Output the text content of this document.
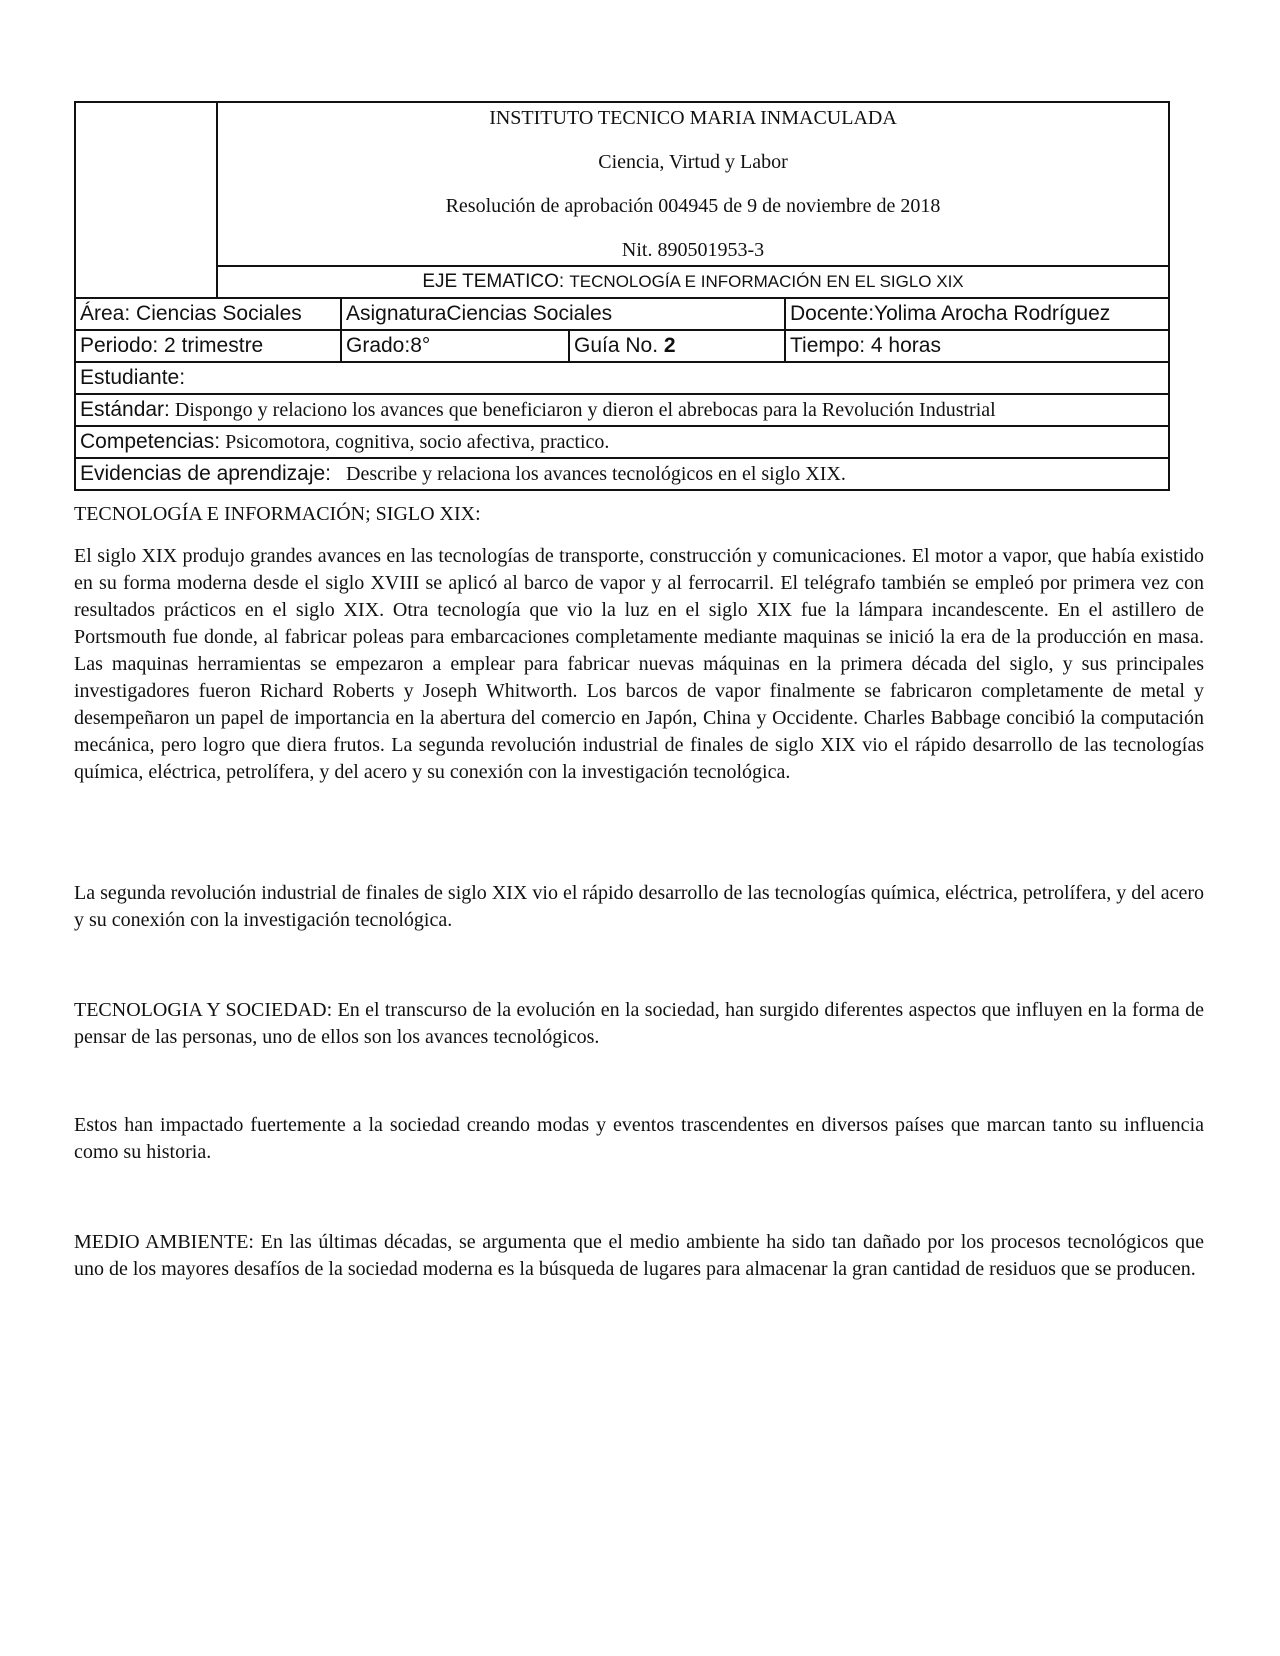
	INSTITUTO TECNICO MARIA INMACULADA
Ciencia, Virtud y Labor
Resolución de aprobación 004945 de 9 de noviembre de 2018
Nit. 890501953-3			

	EJE TEMATICO: TECNOLOGÍA E INFORMACIÓN EN EL SIGLO XIX			
Área: Ciencias Sociales		AsignaturaCiencias Sociales		Docente:Yolima Arocha Rodríguez
Periodo: 2 trimestre		Grado:8°	Guía No. 2	Tiempo: 4 horas
Estudiante:				
Estándar: Dispongo y relaciono los avances que beneficiaron y dieron el abrebocas para la Revolución Industrial				
Competencias: Psicomotora, cognitiva, socio afectiva, practico.				
Evidencias de aprendizaje:   Describe y relaciona los avances tecnológicos en el siglo XIX.				
TECNOLOGÍA E INFORMACIÓN; SIGLO XIX:

El siglo XIX produjo grandes avances en las tecnologías de transporte, construcción y comunicaciones. El motor a vapor, que había existido en su forma moderna desde el siglo XVIII se aplicó al barco de vapor y al ferrocarril. El telégrafo también se empleó por primera vez con resultados prácticos en el siglo XIX. Otra tecnología que vio la luz en el siglo XIX fue la lámpara incandescente. En el astillero de Portsmouth fue donde, al fabricar poleas para embarcaciones completamente mediante maquinas se inició la era de la producción en masa. Las maquinas herramientas se empezaron a emplear para fabricar nuevas máquinas en la primera década del siglo, y sus principales investigadores fueron Richard Roberts y Joseph Whitworth. Los barcos de vapor finalmente se fabricaron completamente de metal y desempeñaron un papel de importancia en la abertura del comercio en Japón, China y Occidente. Charles Babbage concibió la computación mecánica, pero logro que diera frutos. La segunda revolución industrial de finales de siglo XIX vio el rápido desarrollo de las tecnologías química, eléctrica, petrolífera, y del acero y su conexión con la investigación tecnológica.

La segunda revolución industrial de finales de siglo XIX vio el rápido desarrollo de las tecnologías química, eléctrica, petrolífera, y del acero y su conexión con la investigación tecnológica.

TECNOLOGIA Y SOCIEDAD: En el transcurso de la evolución en la sociedad, han surgido diferentes aspectos que influyen en la forma de pensar de las personas, uno de ellos son los avances tecnológicos.

Estos han impactado fuertemente a la sociedad creando modas y eventos trascendentes en diversos países que marcan tanto su influencia como su historia.

MEDIO AMBIENTE: En las últimas décadas, se argumenta que el medio ambiente ha sido tan dañado por los procesos tecnológicos que uno de los mayores desafíos de la sociedad moderna es la búsqueda de lugares para almacenar la gran cantidad de residuos que se producen.
